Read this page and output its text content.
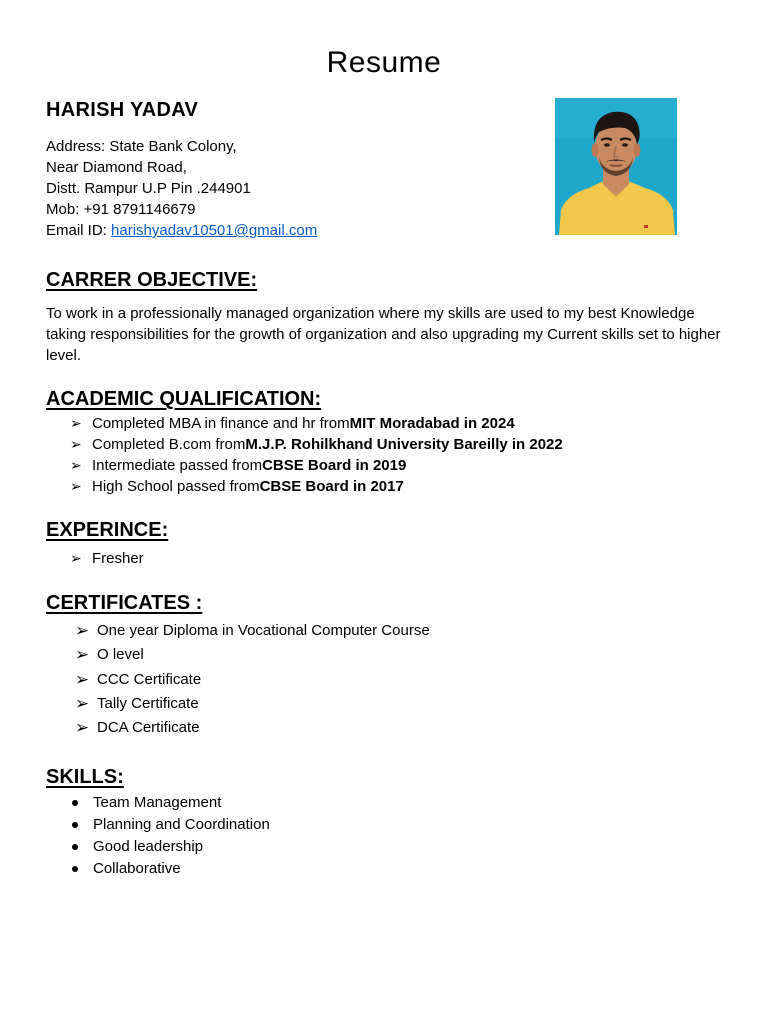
Resume
HARISH YADAV
Address: State Bank Colony,
Near Diamond Road,
Distt. Rampur U.P Pin .244901
Mob: +91 8791146679
Email ID: harishyadav10501@gmail.com
CARRER OBJECTIVE:
To work in a professionally managed organization where my skills are used to my best Knowledge taking responsibilities for the growth of organization and also upgrading my Current skills set to higher level.
ACADEMIC QUALIFICATION:
➢ Completed MBA in finance and hr from MIT Moradabad in 2024
➢ Completed B.com from M.J.P. Rohilkhand University Bareilly in 2022
➢ Intermediate passed from CBSE Board in 2019
➢ High School passed from CBSE Board in 2017
EXPERINCE:
➢ Fresher
CERTIFICATES :
➢ One year Diploma in Vocational Computer Course
➢ O level
➢ CCC Certificate
➢ Tally Certificate
➢ DCA Certificate
SKILLS:
Team Management
Planning and Coordination
Good leadership
Collaborative
